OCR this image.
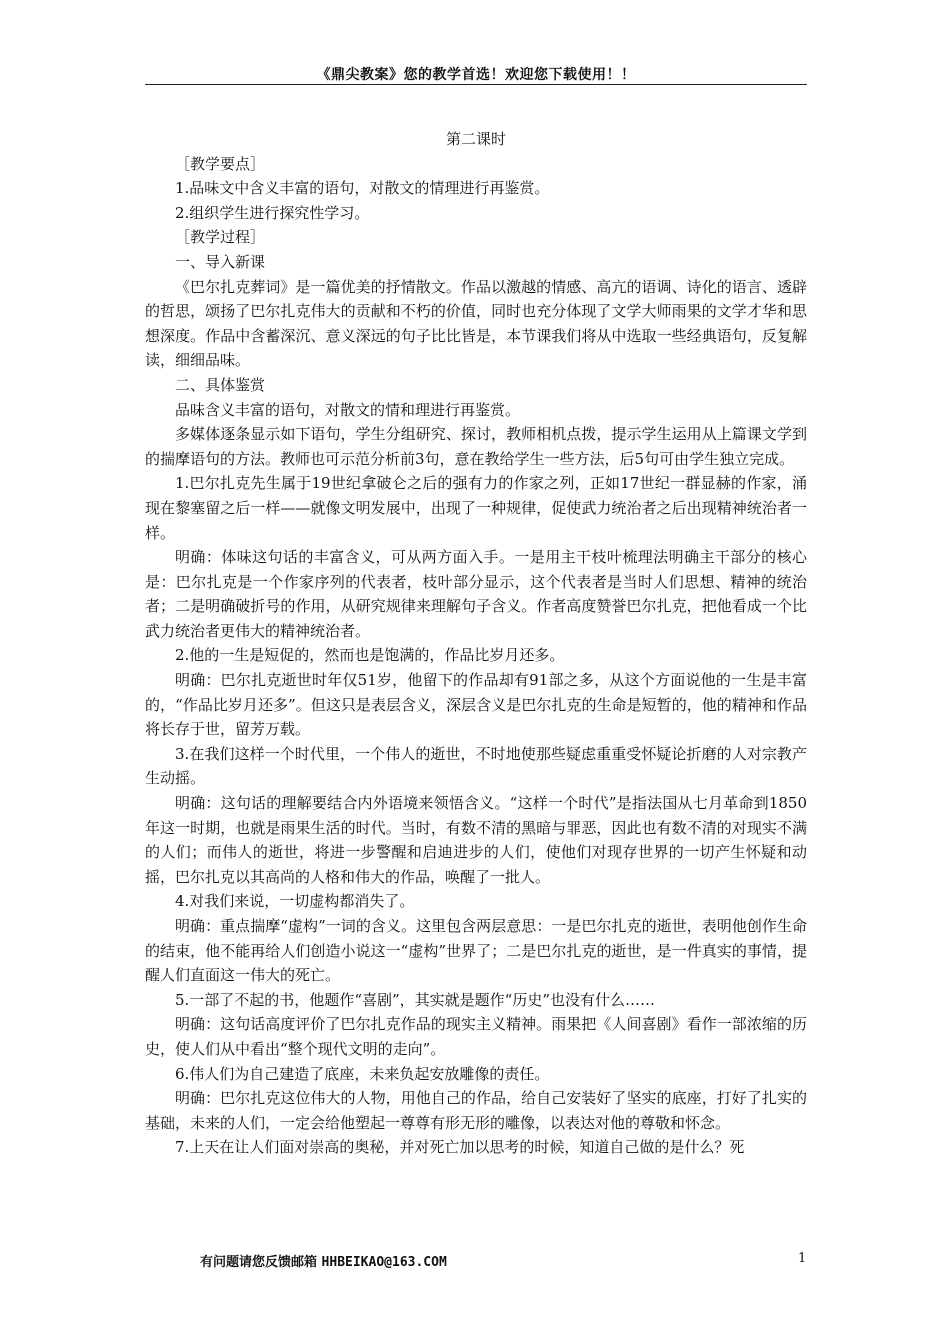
《鼎尖教案》您的教学首选！欢迎您下载使用！！
第二课时

［教学要点］

1.品味文中含义丰富的语句，对散文的情理进行再鉴赏。

2.组织学生进行探究性学习。

［教学过程］

一、导入新课

《巴尔扎克葬词》是一篇优美的抒情散文。作品以激越的情感、高亢的语调、诗化的语言、透辟的哲思，颂扬了巴尔扎克伟大的贡献和不朽的价值，同时也充分体现了文学大师雨果的文学才华和思想深度。作品中含蓄深沉、意义深远的句子比比皆是，本节课我们将从中选取一些经典语句，反复解读，细细品味。

二、具体鉴赏

品味含义丰富的语句，对散文的情和理进行再鉴赏。

多媒体逐条显示如下语句，学生分组研究、探讨，教师相机点拨，提示学生运用从上篇课文学到的揣摩语句的方法。教师也可示范分析前3句，意在教给学生一些方法，后5句可由学生独立完成。

1.巴尔扎克先生属于19世纪拿破仑之后的强有力的作家之列，正如17世纪一群显赫的作家，涌现在黎塞留之后一样——就像文明发展中，出现了一种规律，促使武力统治者之后出现精神统治者一样。

明确：体味这句话的丰富含义，可从两方面入手。一是用主干枝叶梳理法明确主干部分的核心是：巴尔扎克是一个作家序列的代表者，枝叶部分显示，这个代表者是当时人们思想、精神的统治者；二是明确破折号的作用，从研究规律来理解句子含义。作者高度赞誉巴尔扎克，把他看成一个比武力统治者更伟大的精神统治者。

2.他的一生是短促的，然而也是饱满的，作品比岁月还多。

明确：巴尔扎克逝世时年仅51岁，他留下的作品却有91部之多，从这个方面说他的一生是丰富的，“作品比岁月还多”。但这只是表层含义，深层含义是巴尔扎克的生命是短暂的，他的精神和作品将长存于世，留芳万载。

3.在我们这样一个时代里，一个伟人的逝世，不时地使那些疑虑重重受怀疑论折磨的人对宗教产生动摇。

明确：这句话的理解要结合内外语境来领悟含义。“这样一个时代”是指法国从七月革命到1850年这一时期，也就是雨果生活的时代。当时，有数不清的黑暗与罪恶，因此也有数不清的对现实不满的人们；而伟人的逝世，将进一步警醒和启迪进步的人们，使他们对现存世界的一切产生怀疑和动摇，巴尔扎克以其高尚的人格和伟大的作品，唤醒了一批人。

4.对我们来说，一切虚构都消失了。

明确：重点揣摩“虚构”一词的含义。这里包含两层意思：一是巴尔扎克的逝世，表明他创作生命的结束，他不能再给人们创造小说这一“虚构”世界了；二是巴尔扎克的逝世，是一件真实的事情，提醒人们直面这一伟大的死亡。

5.一部了不起的书，他题作“喜剧”，其实就是题作“历史”也没有什么……

明确：这句话高度评价了巴尔扎克作品的现实主义精神。雨果把《人间喜剧》看作一部浓缩的历史，使人们从中看出“整个现代文明的走向”。

6.伟人们为自己建造了底座，未来负起安放雕像的责任。

明确：巴尔扎克这位伟大的人物，用他自己的作品，给自己安装好了坚实的底座，打好了扎实的基础，未来的人们，一定会给他塑起一尊尊有形无形的雕像，以表达对他的尊敬和怀念。

7.上天在让人们面对崇高的奥秘，并对死亡加以思考的时候，知道自己做的是什么？死

有问题请您反馈邮箱 HHBEIKAO@163.COM	1
